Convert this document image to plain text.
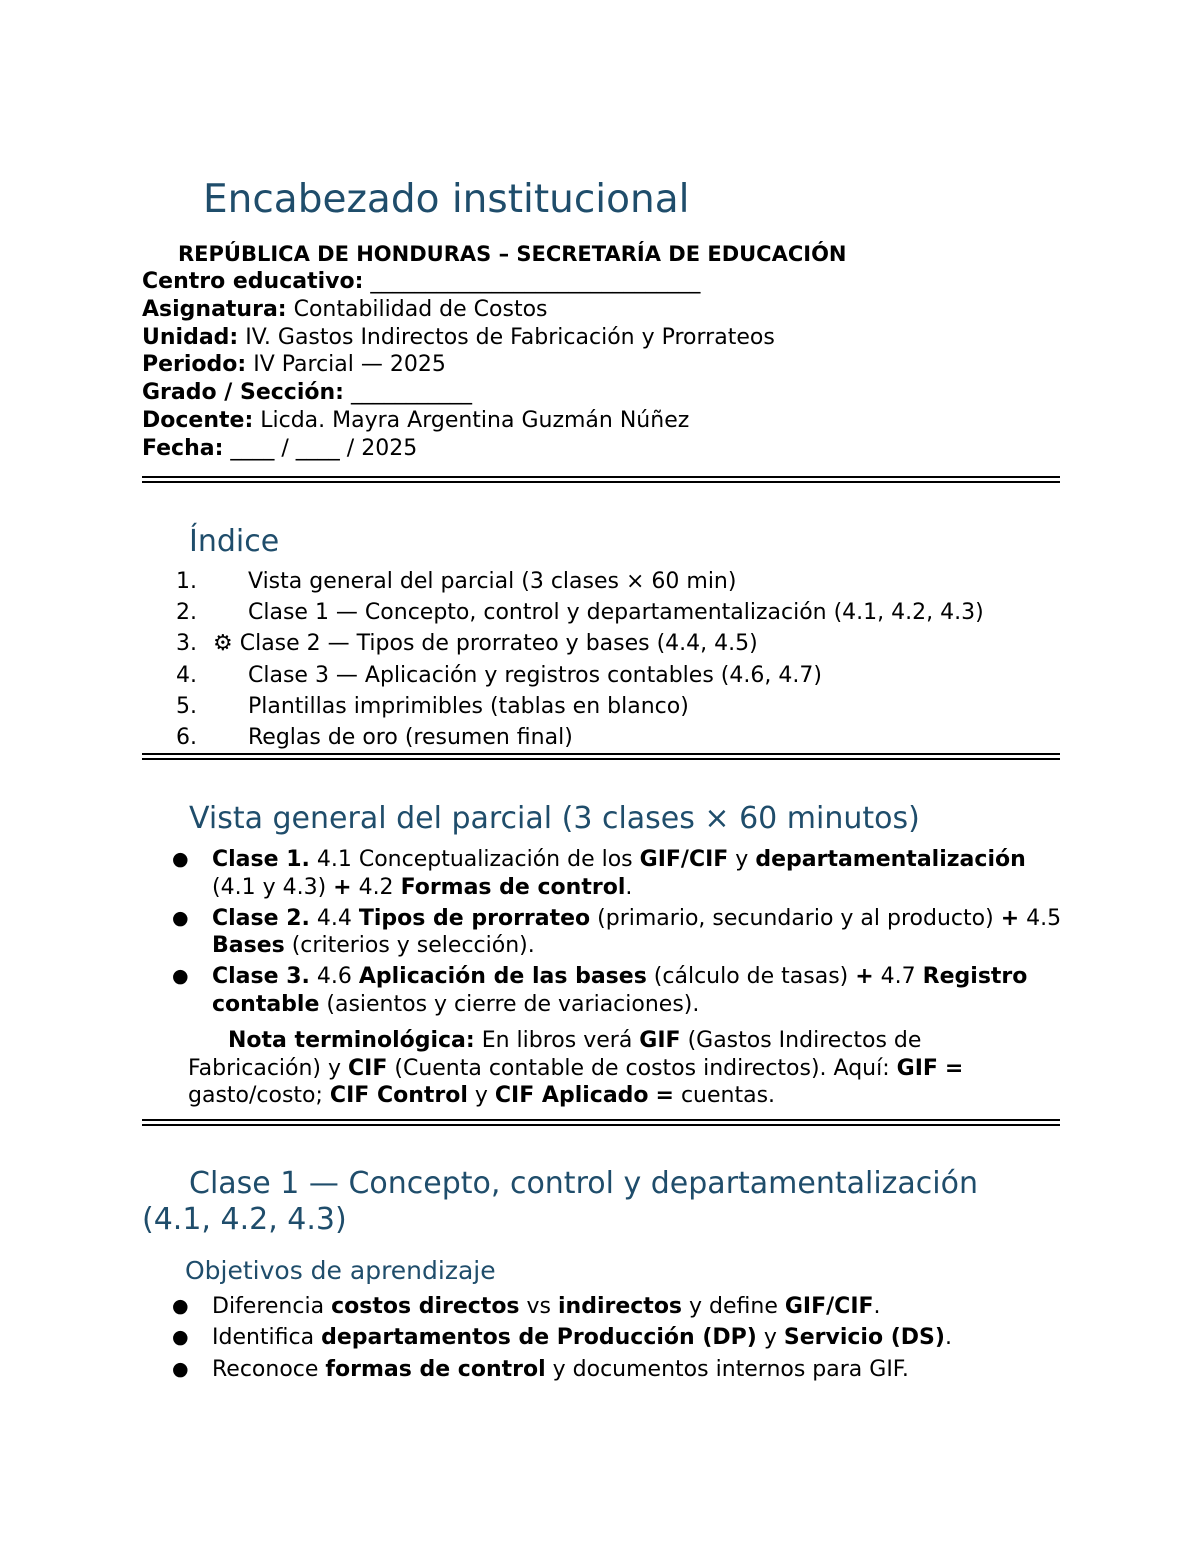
Encabezado institucional
REPÚBLICA DE HONDURAS – SECRETARÍA DE EDUCACIÓN
Centro educativo: ______________________________
Asignatura: Contabilidad de Costos
Unidad: IV. Gastos Indirectos de Fabricación y Prorrateos
Periodo: IV Parcial — 2025
Grado / Sección: ___________
Docente: Licda. Mayra Argentina Guzmán Núñez
Fecha: ____ / ____ / 2025
Índice
1. Vista general del parcial (3 clases × 60 min)
2. Clase 1 — Concepto, control y departamentalización (4.1, 4.2, 4.3)
3. ⚙ Clase 2 — Tipos de prorrateo y bases (4.4, 4.5)
4. Clase 3 — Aplicación y registros contables (4.6, 4.7)
5. Plantillas imprimibles (tablas en blanco)
6. Reglas de oro (resumen final)
Vista general del parcial (3 clases × 60 minutos)
● Clase 1. 4.1 Conceptualización de los GIF/CIF y departamentalización (4.1 y 4.3) + 4.2 Formas de control.
● Clase 2. 4.4 Tipos de prorrateo (primario, secundario y al producto) + 4.5 Bases (criterios y selección).
● Clase 3. 4.6 Aplicación de las bases (cálculo de tasas) + 4.7 Registro contable (asientos y cierre de variaciones).
Nota terminológica: En libros verá GIF (Gastos Indirectos de Fabricación) y CIF (Cuenta contable de costos indirectos). Aquí: GIF = gasto/costo; CIF Control y CIF Aplicado = cuentas.
Clase 1 — Concepto, control y departamentalización
(4.1, 4.2, 4.3)
Objetivos de aprendizaje
● Diferencia costos directos vs indirectos y define GIF/CIF.
● Identifica departamentos de Producción (DP) y Servicio (DS).
● Reconoce formas de control y documentos internos para GIF.
